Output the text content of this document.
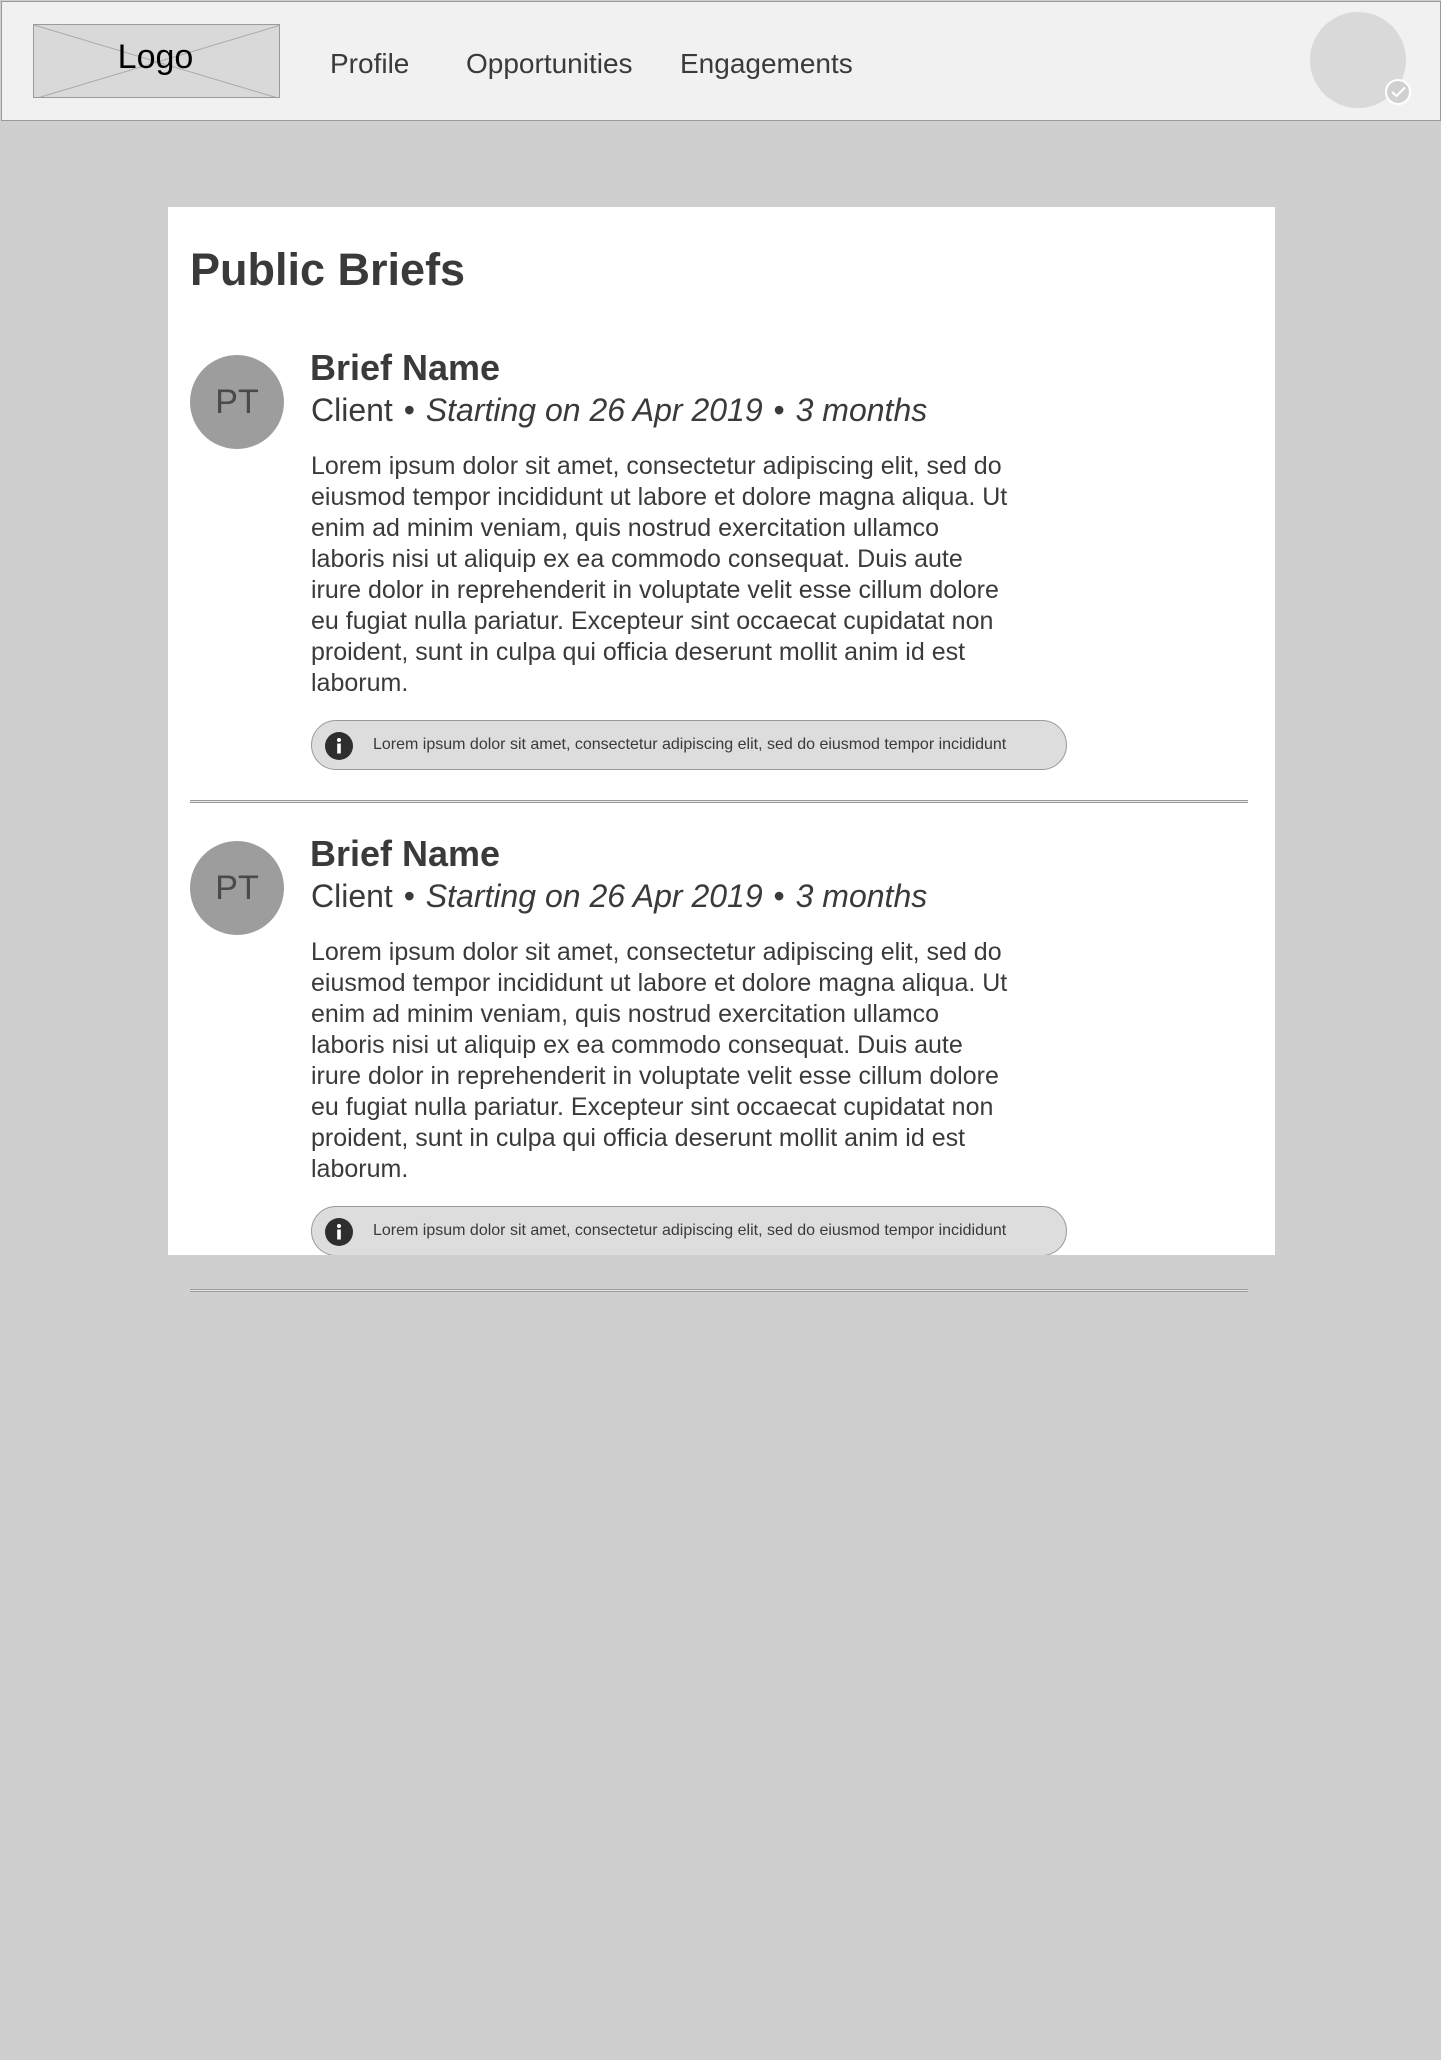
Logo	Profile Opportunities Engagements
Public Briefs
PT
Brief Name
Client • Starting on 26 Apr 2019 • 3 months

Lorem ipsum dolor sit amet, consectetur adipiscing elit, sed do eiusmod tempor incididunt ut labore et dolore magna aliqua. Ut enim ad minim veniam, quis nostrud exercitation ullamco laboris nisi ut aliquip ex ea commodo consequat. Duis aute irure dolor in reprehenderit in voluptate velit esse cillum dolore eu fugiat nulla pariatur. Excepteur sint occaecat cupidatat non proident, sunt in culpa qui officia deserunt mollit anim id est laborum.

Lorem ipsum dolor sit amet, consectetur adipiscing elit, sed do eiusmod tempor incididunt
PT
Brief Name
Client • Starting on 26 Apr 2019 • 3 months

Lorem ipsum dolor sit amet, consectetur adipiscing elit, sed do eiusmod tempor incididunt ut labore et dolore magna aliqua. Ut enim ad minim veniam, quis nostrud exercitation ullamco laboris nisi ut aliquip ex ea commodo consequat. Duis aute irure dolor in reprehenderit in voluptate velit esse cillum dolore eu fugiat nulla pariatur. Excepteur sint occaecat cupidatat non proident, sunt in culpa qui officia deserunt mollit anim id est laborum.

Lorem ipsum dolor sit amet, consectetur adipiscing elit, sed do eiusmod tempor incididunt
